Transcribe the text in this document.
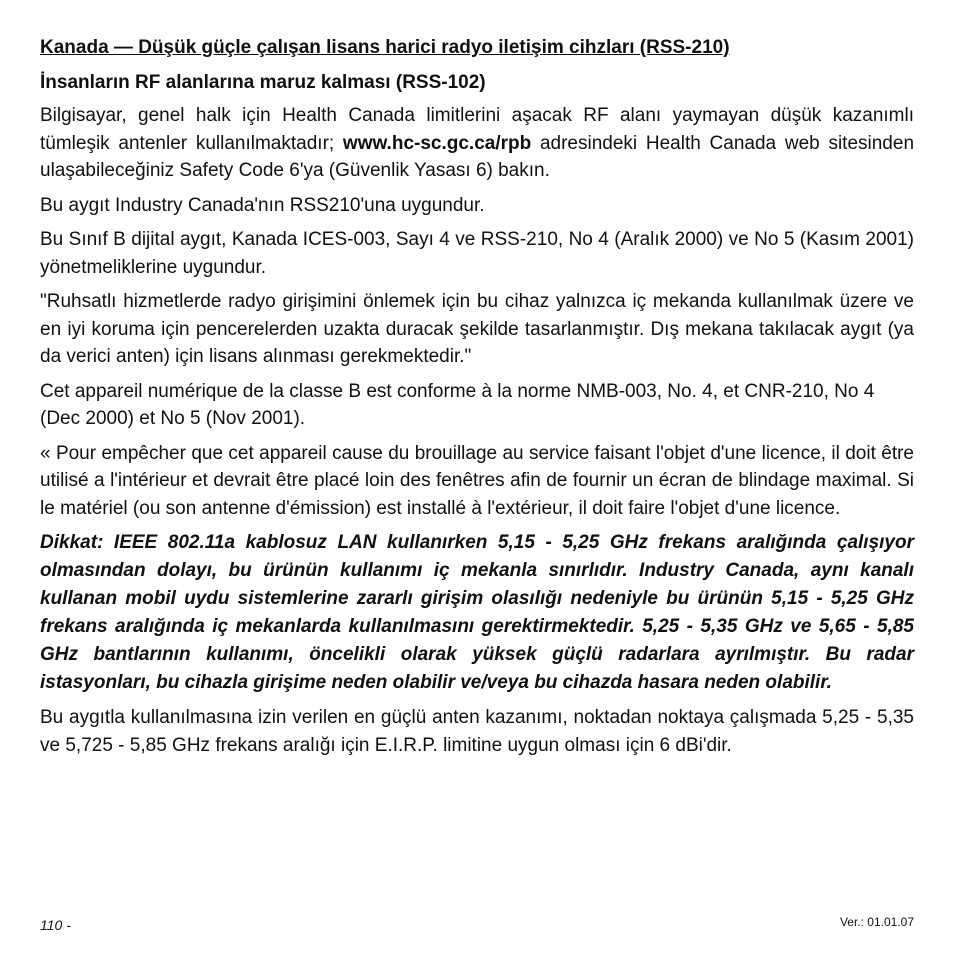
Kanada — Düşük güçle çalışan lisans harici radyo iletişim cihzları (RSS-210)
İnsanların RF alanlarına maruz kalması (RSS-102)

Bilgisayar, genel halk için Health Canada limitlerini aşacak RF alanı yaymayan düşük kazanımlı tümleşik antenler kullanılmaktadır; www.hc-sc.gc.ca/rpb adresindeki Health Canada web sitesinden ulaşabileceğiniz Safety Code 6'ya (Güvenlik Yasası 6) bakın.

Bu aygıt Industry Canada'nın RSS210'una uygundur.

Bu Sınıf B dijital aygıt, Kanada ICES-003, Sayı 4 ve RSS-210, No 4 (Aralık 2000) ve No 5 (Kasım 2001) yönetmeliklerine uygundur.

"Ruhsatlı hizmetlerde radyo girişimini önlemek için bu cihaz yalnızca iç mekanda kullanılmak üzere ve en iyi koruma için pencerelerden uzakta duracak şekilde tasarlanmıştır. Dış mekana takılacak aygıt (ya da verici anten) için lisans alınması gerekmektedir."

Cet appareil numérique de la classe B est conforme à la norme NMB-003, No. 4, et CNR-210, No 4 (Dec 2000) et No 5 (Nov 2001).

« Pour empêcher que cet appareil cause du brouillage au service faisant l'objet d'une licence, il doit être utilisé a l'intérieur et devrait être placé loin des fenêtres afin de fournir un écran de blindage maximal. Si le matériel (ou son antenne d'émission) est installé à l'extérieur, il doit faire l'objet d'une licence.

Dikkat: IEEE 802.11a kablosuz LAN kullanırken 5,15 - 5,25 GHz frekans aralığında çalışıyor olmasından dolayı, bu ürünün kullanımı iç mekanla sınırlıdır. Industry Canada, aynı kanalı kullanan mobil uydu sistemlerine zararlı girişim olasılığı nedeniyle bu ürünün 5,15 - 5,25 GHz frekans aralığında iç mekanlarda kullanılmasını gerektirmektedir. 5,25 - 5,35 GHz ve 5,65 - 5,85 GHz bantlarının kullanımı, öncelikli olarak yüksek güçlü radarlara ayrılmıştır. Bu radar istasyonları, bu cihazla girişime neden olabilir ve/veya bu cihazda hasara neden olabilir.

Bu aygıtla kullanılmasına izin verilen en güçlü anten kazanımı, noktadan noktaya çalışmada 5,25 - 5,35 ve 5,725 - 5,85 GHz frekans aralığı için E.I.R.P. limitine uygun olması için 6 dBi'dir.

110 -	Ver.: 01.01.07
